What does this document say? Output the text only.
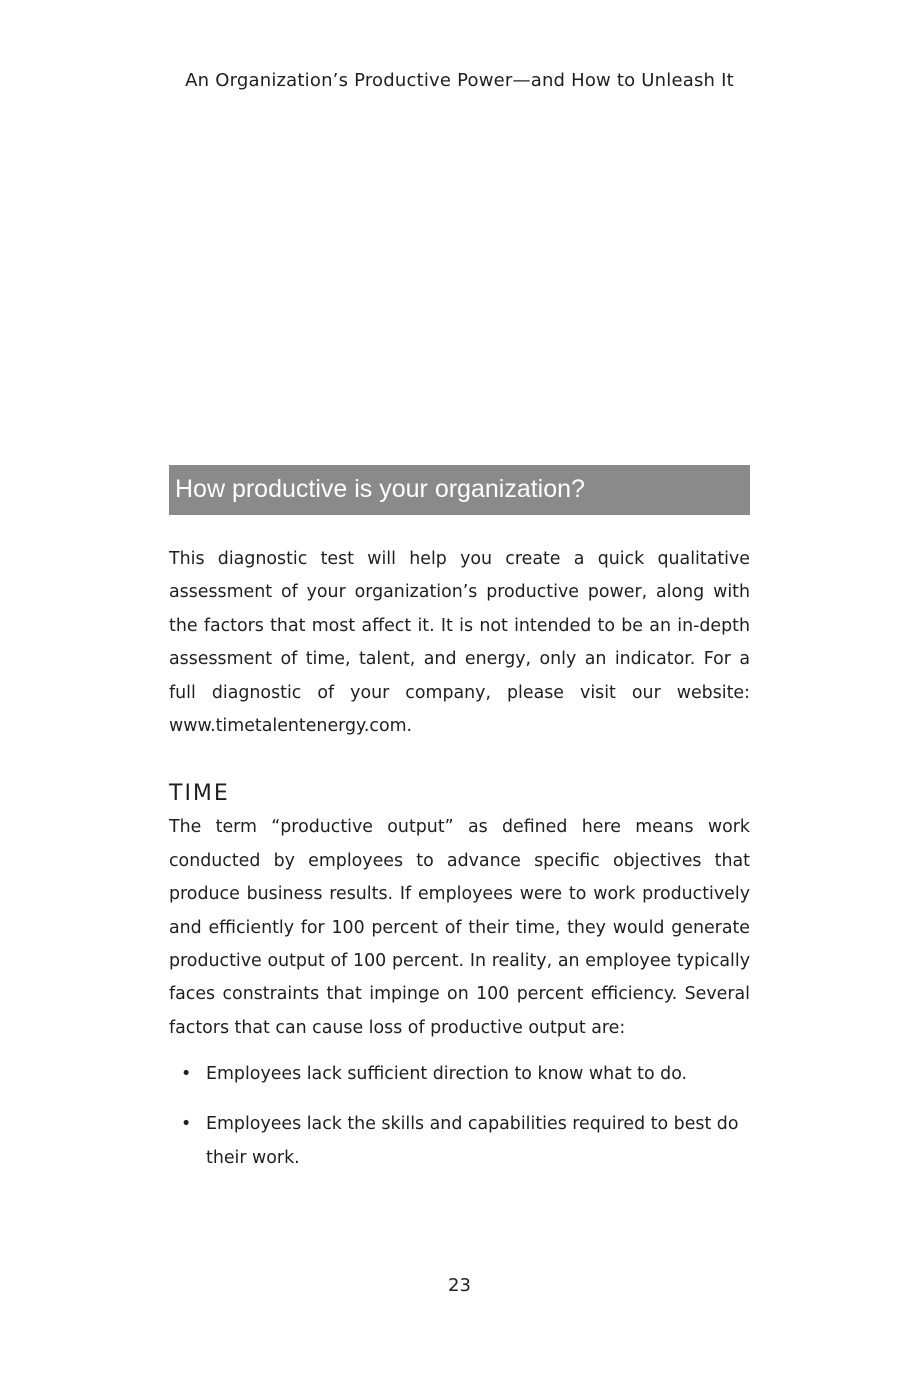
An Organization’s Productive Power—and How to Unleash It
How productive is your organization?

This diagnostic test will help you create a quick qualitative assessment of your organization’s productive power, along with the factors that most affect it. It is not intended to be an in-depth assessment of time, talent, and energy, only an indicator. For a full diagnostic of your company, please visit our website: www.timetalentenergy.com.

TIME

The term “productive output” as defined here means work conducted by employees to advance specific objectives that produce business results. If employees were to work productively and efficiently for 100 percent of their time, they would generate productive output of 100 percent. In reality, an employee typically faces constraints that impinge on 100 percent efficiency. Several factors that can cause loss of productive output are:

• Employees lack sufficient direction to know what to do.
• Employees lack the skills and capabilities required to best do their work.
23
